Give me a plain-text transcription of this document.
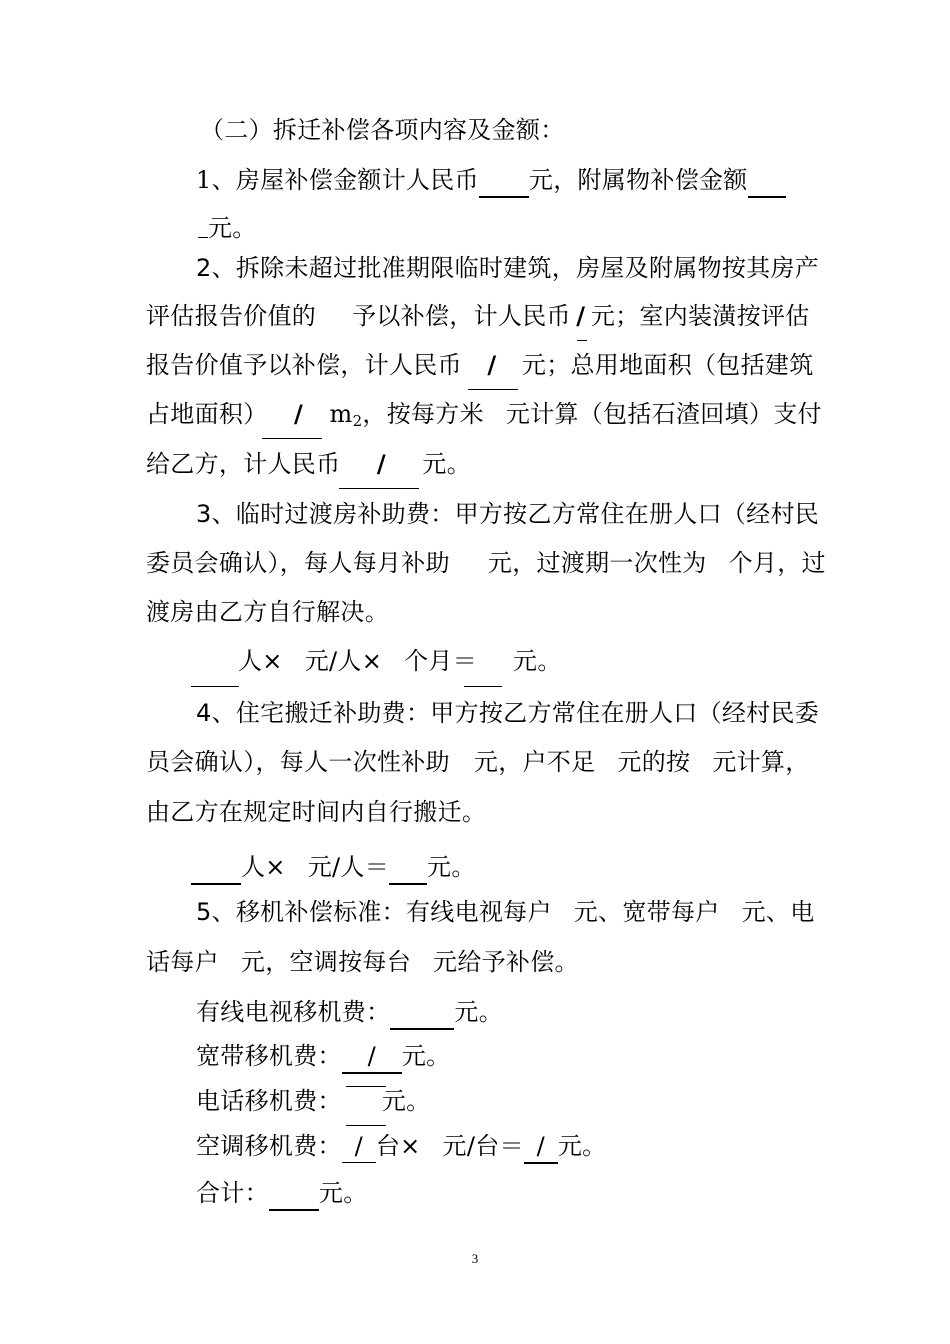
（二）拆迁补偿各项内容及金额：
1、房屋补偿金额计人民币 元，附属物补偿金额
元。
2、拆除未超过批准期限临时建筑，房屋及附属物按其房产
评估报告价值的 予以补偿，计人民币 / 元；室内装潢按评估
报告价值予以补偿，计人民币 / 元；总用地面积（包括建筑
占地面积） / $m_2$，按每方米 元计算（包括石渣回填）支付
给乙方，计人民币 / 元。
3、临时过渡房补助费：甲方按乙方常住在册人口（经村民
委员会确认），每人每月补助 元，过渡期一次性为 个月，过
渡房由乙方自行解决。
人× 元/人× 个月＝ 元。
4、住宅搬迁补助费：甲方按乙方常住在册人口（经村民委
员会确认），每人一次性补助 元，户不足 元的按 元计算，
由乙方在规定时间内自行搬迁。
人× 元/人＝ 元。
5、移机补偿标准：有线电视每户 元、宽带每户 元、电
话每户 元，空调按每台 元给予补偿。
有线电视移机费：	元。
宽带移机费： / 元。
电话移机费： 元。
空调移机费： / 台× 元/台＝ / 元。
合计： 元。
3
